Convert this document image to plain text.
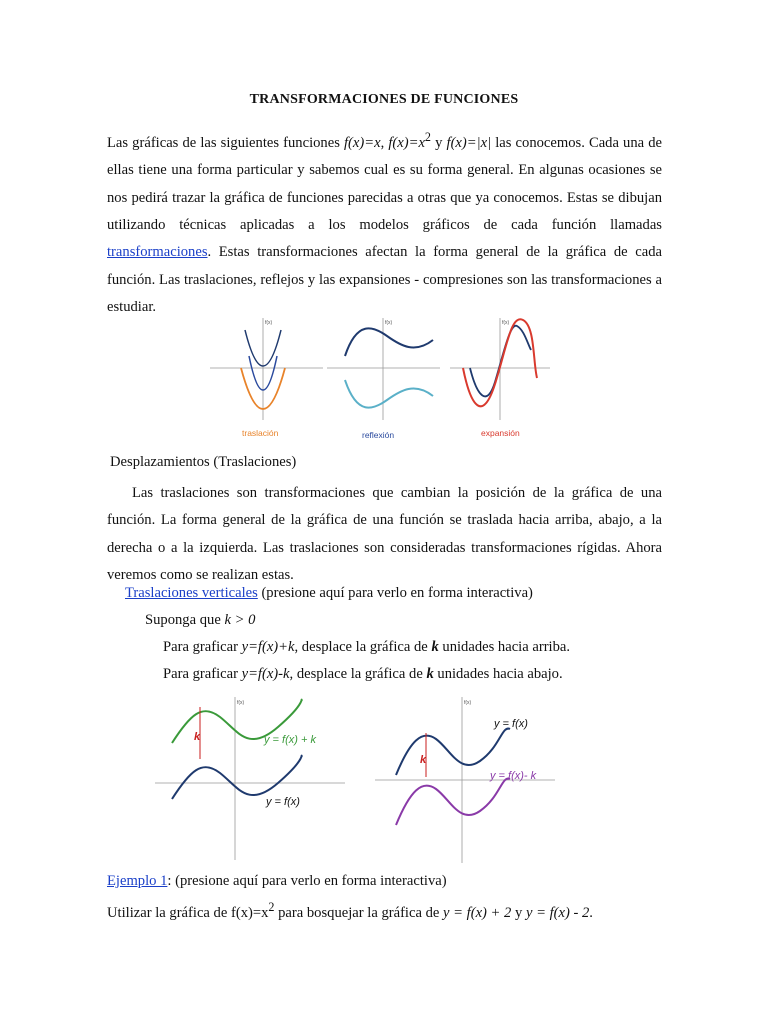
TRANSFORMACIONES DE FUNCIONES
Las gráficas de las siguientes funciones f(x)=x, $f(x)=x^2$ y f(x)=|x| las conocemos. Cada una de ellas tiene una forma particular y sabemos cual es su forma general. En algunas ocasiones se nos pedirá trazar la gráfica de funciones parecidas a otras que ya conocemos. Estas se dibujan utilizando técnicas aplicadas a los modelos gráficos de cada función llamadas transformaciones. Estas transformaciones afectan la forma general de la gráfica de cada función. Las traslaciones, reflejos y las expansiones - compresiones son las transformaciones a estudiar.
f(x)
traslación
f(x)
reflexión
f(x)
expansión
Desplazamientos (Traslaciones)
Las traslaciones son transformaciones que cambian la posición de la gráfica de una función. La forma general de la gráfica de una función se traslada hacia arriba, abajo, a la derecha o a la izquierda. Las traslaciones son consideradas transformaciones rígidas. Ahora veremos como se realizan estas.
Traslaciones verticales (presione aquí para verlo en forma interactiva)
Suponga que k > 0
Para graficar y=f(x)+k, desplace la gráfica de k unidades hacia arriba.
Para graficar y=f(x)-k, desplace la gráfica de k unidades hacia abajo.
f(x)
k	y = f(x) + k
y = f(x)
f(x)
k
y = f(x)
y = f(x)- k
Ejemplo 1: (presione aquí para verlo en forma interactiva)
Utilizar la gráfica de $f(x)=x^2$ para bosquejar la gráfica de y = f(x) + 2 y y = f(x) - 2.
